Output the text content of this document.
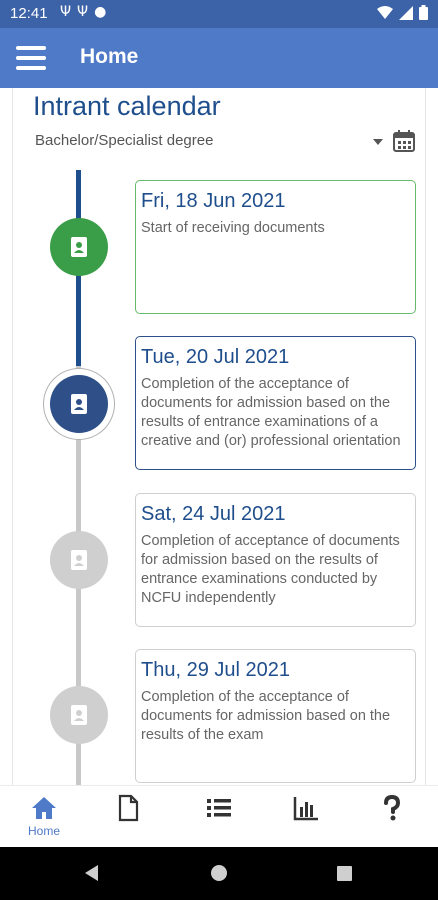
12:41 Ψ Ψ ●
Home
Intrant calendar
Bachelor/Specialist degree
Fri, 18 Jun 2021
Start of receiving documents
Tue, 20 Jul 2021
Completion of the acceptance of documents for admission based on the results of entrance examinations of a creative and (or) professional orientation
Sat, 24 Jul 2021
Completion of acceptance of documents for admission based on the results of entrance examinations conducted by NCFU independently
Thu, 29 Jul 2021
Completion of the acceptance of documents for admission based on the results of the exam
Home
